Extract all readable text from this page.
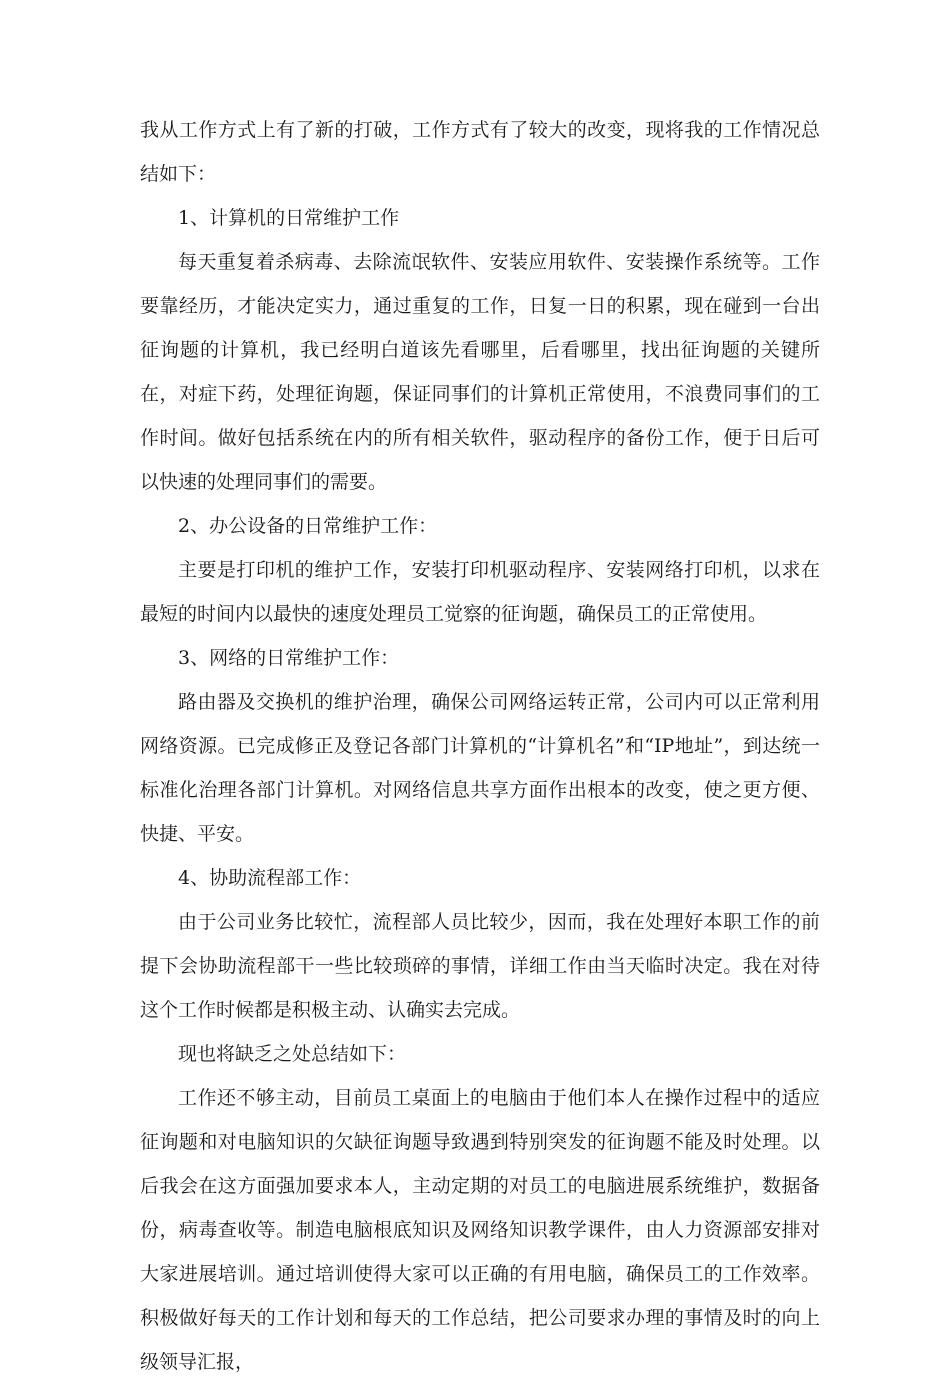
我从工作方式上有了新的打破，工作方式有了较大的改变，现将我的工作情况总结如下：

1、计算机的日常维护工作

每天重复着杀病毒、去除流氓软件、安装应用软件、安装操作系统等。工作要靠经历，才能决定实力，通过重复的工作，日复一日的积累，现在碰到一台出征询题的计算机，我已经明白道该先看哪里，后看哪里，找出征询题的关键所在，对症下药，处理征询题，保证同事们的计算机正常使用，不浪费同事们的工作时间。做好包括系统在内的所有相关软件，驱动程序的备份工作，便于日后可以快速的处理同事们的需要。

2、办公设备的日常维护工作：

主要是打印机的维护工作，安装打印机驱动程序、安装网络打印机，以求在最短的时间内以最快的速度处理员工觉察的征询题，确保员工的正常使用。

3、网络的日常维护工作：

路由器及交换机的维护治理，确保公司网络运转正常，公司内可以正常利用网络资源。已完成修正及登记各部门计算机的“计算机名”和“IP地址”，到达统一标准化治理各部门计算机。对网络信息共享方面作出根本的改变，使之更方便、快捷、平安。

4、协助流程部工作：

由于公司业务比较忙，流程部人员比较少，因而，我在处理好本职工作的前提下会协助流程部干一些比较琐碎的事情，详细工作由当天临时决定。我在对待这个工作时候都是积极主动、认确实去完成。

现也将缺乏之处总结如下：

工作还不够主动，目前员工桌面上的电脑由于他们本人在操作过程中的适应征询题和对电脑知识的欠缺征询题导致遇到特别突发的征询题不能及时处理。以后我会在这方面强加要求本人，主动定期的对员工的电脑进展系统维护，数据备份，病毒查收等。制造电脑根底知识及网络知识教学课件，由人力资源部安排对大家进展培训。通过培训使得大家可以正确的有用电脑，确保员工的工作效率。积极做好每天的工作计划和每天的工作总结，把公司要求办理的事情及时的向上级领导汇报，
